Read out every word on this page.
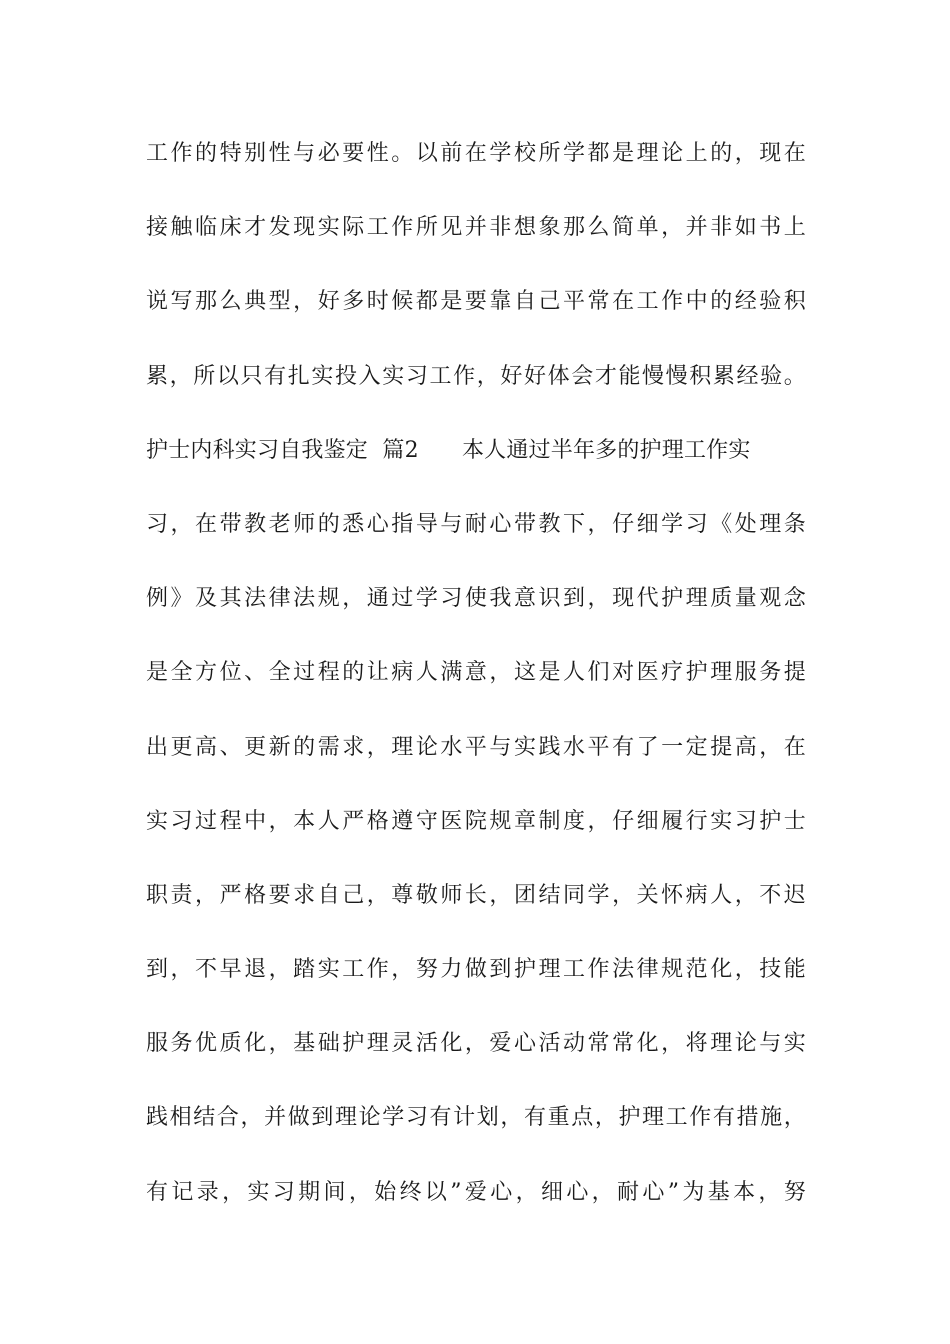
工作的特别性与必要性。以前在学校所学都是理论上的，现在
接触临床才发现实际工作所见并非想象那么简单，并非如书上
说写那么典型，好多时候都是要靠自己平常在工作中的经验积
累，所以只有扎实投入实习工作，好好体会才能慢慢积累经验。
护士内科实习自我鉴定  篇2      本人通过半年多的护理工作实
习，在带教老师的悉心指导与耐心带教下，仔细学习《处理条
例》及其法律法规，通过学习使我意识到，现代护理质量观念
是全方位、全过程的让病人满意，这是人们对医疗护理服务提
出更高、更新的需求，理论水平与实践水平有了一定提高，在
实习过程中，本人严格遵守医院规章制度，仔细履行实习护士
职责，严格要求自己，尊敬师长，团结同学，关怀病人，不迟
到，不早退，踏实工作，努力做到护理工作法律规范化，技能
服务优质化，基础护理灵活化，爱心活动常常化，将理论与实
践相结合，并做到理论学习有计划，有重点，护理工作有措施，
有记录，实习期间，始终以”爱心，细心，耐心”为基本，努
